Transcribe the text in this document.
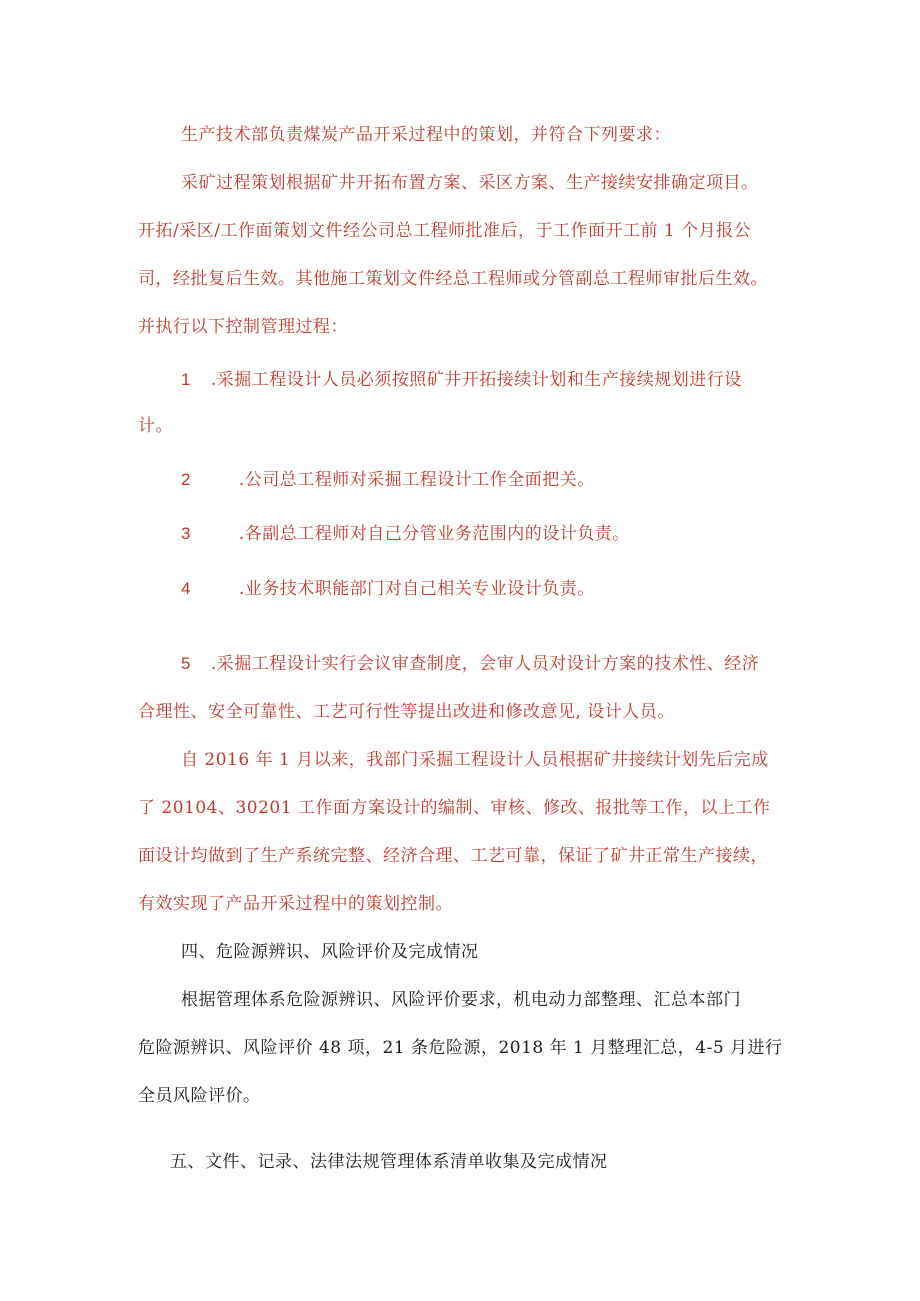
生产技术部负责煤炭产品开采过程中的策划，并符合下列要求：
采矿过程策划根据矿井开拓布置方案、采区方案、生产接续安排确定项目。
开拓/采区/工作面策划文件经公司总工程师批准后，于工作面开工前 1 个月报公
司，经批复后生效。其他施工策划文件经总工程师或分管副总工程师审批后生效。
并执行以下控制管理过程：
1 .采掘工程设计人员必须按照矿井开拓接续计划和生产接续规划进行设
计。
2	.公司总工程师对采掘工程设计工作全面把关。
3	.各副总工程师对自己分管业务范围内的设计负责。
4	.业务技术职能部门对自己相关专业设计负责。
5 .采掘工程设计实行会议审查制度，会审人员对设计方案的技术性、经济
合理性、安全可靠性、工艺可行性等提出改进和修改意见, 设计人员。
自 2016 年 1 月以来，我部门采掘工程设计人员根据矿井接续计划先后完成
了 20104、30201 工作面方案设计的编制、审核、修改、报批等工作，以上工作
面设计均做到了生产系统完整、经济合理、工艺可靠，保证了矿井正常生产接续，
有效实现了产品开采过程中的策划控制。
四、危险源辨识、风险评价及完成情况
根据管理体系危险源辨识、风险评价要求，机电动力部整理、汇总本部门
危险源辨识、风险评价 48 项，21 条危险源，2018 年 1 月整理汇总，4-5 月进行
全员风险评价。
五、文件、记录、法律法规管理体系清单收集及完成情况
